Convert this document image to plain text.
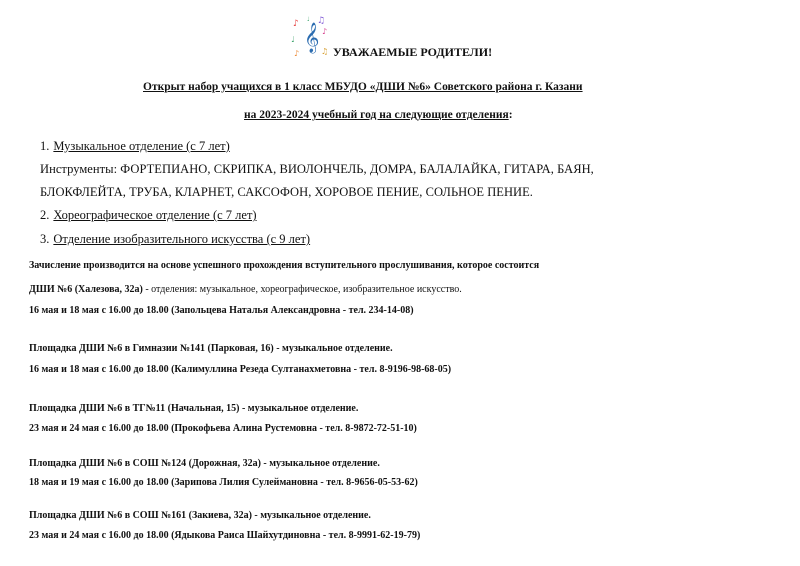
𝄞
♪ ♫
♪
♩
♪	♫
♩
УВАЖАЕМЫЕ РОДИТЕЛИ!
Открыт набор учащихся в 1 класс МБУДО «ДШИ №6» Советского района г. Казани
на 2023-2024 учебный год на следующие отделения:
1. Музыкальное отделение (с 7 лет)
Инструменты: ФОРТЕПИАНО, СКРИПКА, ВИОЛОНЧЕЛЬ, ДОМРА, БАЛАЛАЙКА, ГИТАРА, БАЯН,
БЛОКФЛЕЙТА, ТРУБА, КЛАРНЕТ, САКСОФОН, ХОРОВОЕ ПЕНИЕ, СОЛЬНОЕ ПЕНИЕ.
2. Хореографическое отделение (с 7 лет)
3. Отделение изобразительного искусства (с 9 лет)
Зачисление производится на основе успешного прохождения вступительного прослушивания, которое состоится
ДШИ №6 (Халезова, 32а) - отделения: музыкальное, хореографическое, изобразительное искусство.
16 мая и 18 мая с 16.00 до 18.00 (Запольцева Наталья Александровна - тел. 234-14-08)
Площадка ДШИ №6 в Гимназии №141 (Парковая, 16) - музыкальное отделение.
16 мая и 18 мая с 16.00 до 18.00 (Калимуллина Резеда Султанахметовна - тел. 8-9196-98-68-05)
Площадка ДШИ №6 в ТГ№11 (Начальная, 15) - музыкальное отделение.
23 мая и 24 мая с 16.00 до 18.00 (Прокофьева Алина Рустемовна - тел. 8-9872-72-51-10)
Площадка ДШИ №6 в СОШ №124 (Дорожная, 32а) - музыкальное отделение.
18 мая и 19 мая с 16.00 до 18.00 (Зарипова Лилия Сулеймановна - тел. 8-9656-05-53-62)
Площадка ДШИ №6 в СОШ №161 (Закиева, 32а) - музыкальное отделение.
23 мая и 24 мая с 16.00 до 18.00 (Ядыкова Раиса Шайхутдиновна - тел. 8-9991-62-19-79)
